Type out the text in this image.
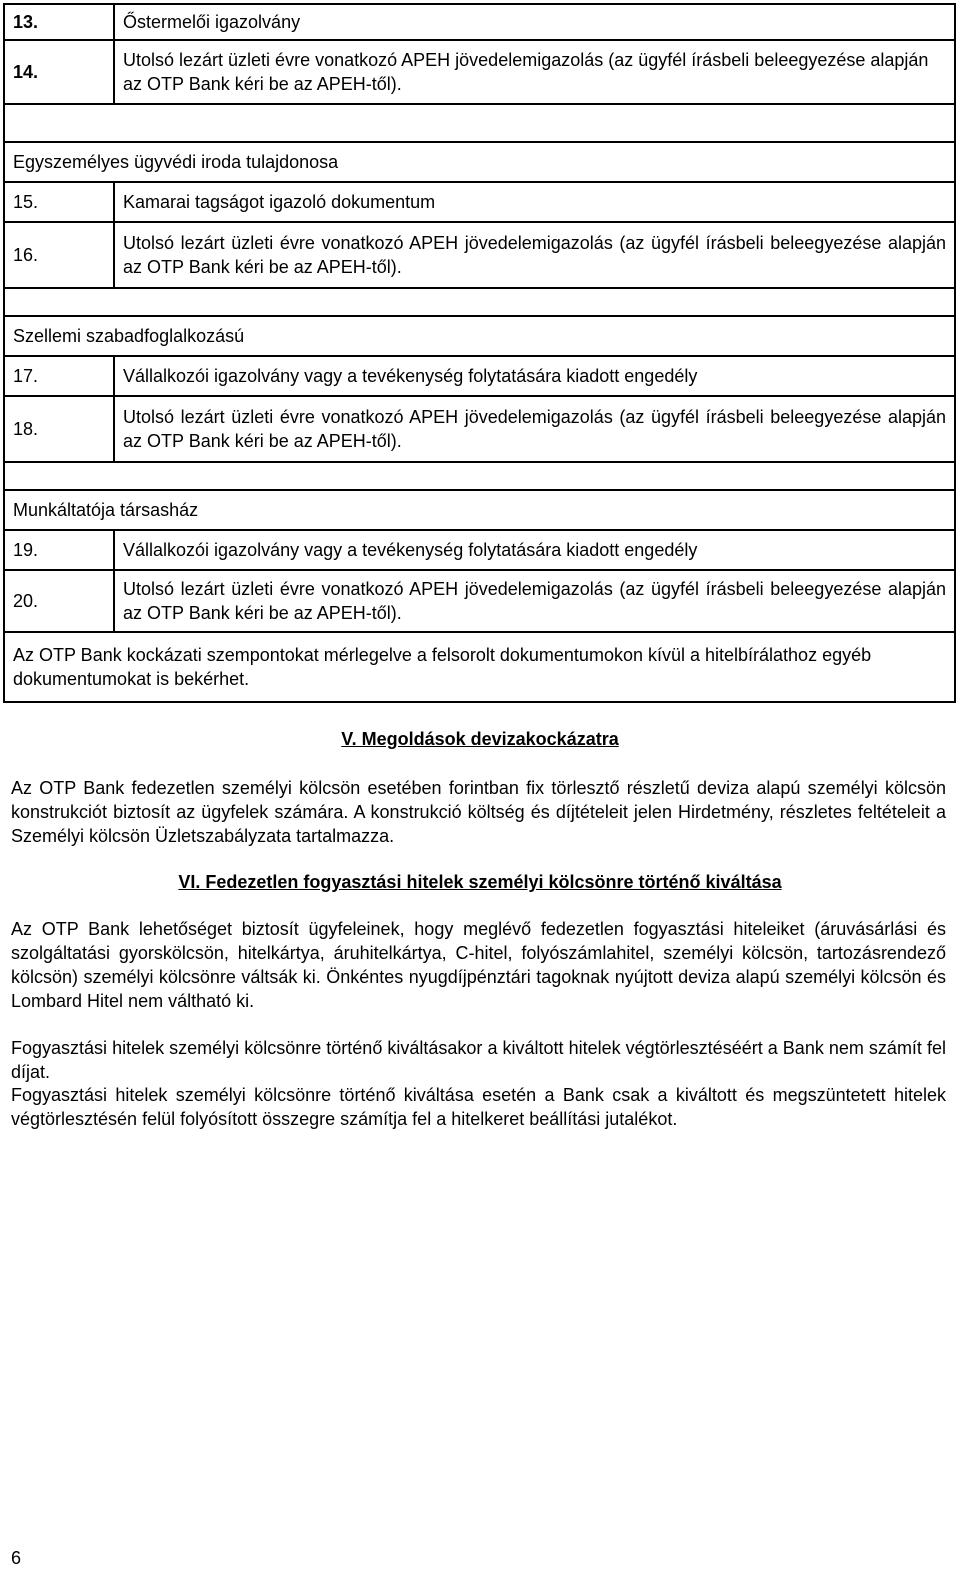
13.	Őstermelői igazolvány
14.	Utolsó lezárt üzleti évre vonatkozó APEH jövedelemigazolás (az ügyfél írásbeli beleegyezése alapján az OTP Bank kéri be az APEH-től).

Egyszemélyes ügyvédi iroda tulajdonosa	
15.	Kamarai tagságot igazoló dokumentum
16.	Utolsó lezárt üzleti évre vonatkozó APEH jövedelemigazolás (az ügyfél írásbeli beleegyezése alapján az OTP Bank kéri be az APEH-től).

Szellemi szabadfoglalkozású	
17.	Vállalkozói igazolvány vagy a tevékenység folytatására kiadott engedély
18.	Utolsó lezárt üzleti évre vonatkozó APEH jövedelemigazolás (az ügyfél írásbeli beleegyezése alapján az OTP Bank kéri be az APEH-től).

Munkáltatója társasház	
19.	Vállalkozói igazolvány vagy a tevékenység folytatására kiadott engedély
20.	Utolsó lezárt üzleti évre vonatkozó APEH jövedelemigazolás (az ügyfél írásbeli beleegyezése alapján az OTP Bank kéri be az APEH-től).
Az OTP Bank kockázati szempontokat mérlegelve a felsorolt dokumentumokon kívül a hitelbírálathoz egyéb dokumentumokat is bekérhet.	
V. Megoldások devizakockázatra
Az OTP Bank fedezetlen személyi kölcsön esetében forintban fix törlesztő részletű deviza alapú személyi kölcsön konstrukciót biztosít az ügyfelek számára. A konstrukció költség és díjtételeit jelen Hirdetmény, részletes feltételeit a Személyi kölcsön Üzletszabályzata tartalmazza.
VI. Fedezetlen fogyasztási hitelek személyi kölcsönre történő kiváltása
Az OTP Bank lehetőséget biztosít ügyfeleinek, hogy meglévő fedezetlen fogyasztási hiteleiket (áruvásárlási és szolgáltatási gyorskölcsön, hitelkártya, áruhitelkártya, C-hitel, folyószámlahitel, személyi kölcsön, tartozásrendező kölcsön) személyi kölcsönre váltsák ki. Önkéntes nyugdíjpénztári tagoknak nyújtott deviza alapú személyi kölcsön és Lombard Hitel nem váltható ki.
Fogyasztási hitelek személyi kölcsönre történő kiváltásakor a kiváltott hitelek végtörlesztéséért a Bank nem számít fel díjat.
Fogyasztási hitelek személyi kölcsönre történő kiváltása esetén a Bank csak a kiváltott és megszüntetett hitelek végtörlesztésén felül folyósított összegre számítja fel a hitelkeret beállítási jutalékot.
6
